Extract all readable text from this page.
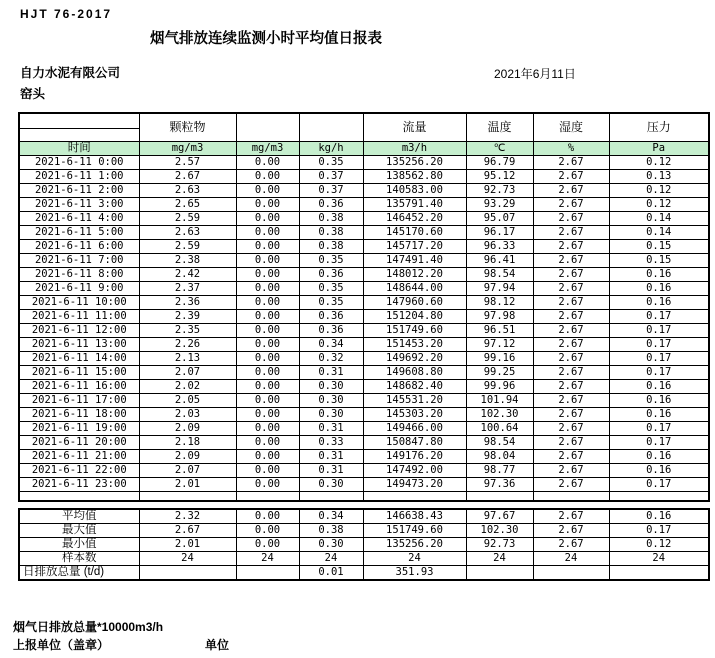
HJT 76-2017
烟气排放连续监测小时平均值日报表
自力水泥有限公司	2021年6月11日
窑头
	颗粒物			流量	温度	湿度	压力

时间	mg/m3	mg/m3	kg/h	m3/h	℃	%	Pa
2021-6-11 0:00	2.57	0.00	0.35	135256.20	96.79	2.67	0.12
2021-6-11 1:00	2.67	0.00	0.37	138562.80	95.12	2.67	0.13
2021-6-11 2:00	2.63	0.00	0.37	140583.00	92.73	2.67	0.12
2021-6-11 3:00	2.65	0.00	0.36	135791.40	93.29	2.67	0.12
2021-6-11 4:00	2.59	0.00	0.38	146452.20	95.07	2.67	0.14
2021-6-11 5:00	2.63	0.00	0.38	145170.60	96.17	2.67	0.14
2021-6-11 6:00	2.59	0.00	0.38	145717.20	96.33	2.67	0.15
2021-6-11 7:00	2.38	0.00	0.35	147491.40	96.41	2.67	0.15
2021-6-11 8:00	2.42	0.00	0.36	148012.20	98.54	2.67	0.16
2021-6-11 9:00	2.37	0.00	0.35	148644.00	97.94	2.67	0.16
2021-6-11 10:00	2.36	0.00	0.35	147960.60	98.12	2.67	0.16
2021-6-11 11:00	2.39	0.00	0.36	151204.80	97.98	2.67	0.17
2021-6-11 12:00	2.35	0.00	0.36	151749.60	96.51	2.67	0.17
2021-6-11 13:00	2.26	0.00	0.34	151453.20	97.12	2.67	0.17
2021-6-11 14:00	2.13	0.00	0.32	149692.20	99.16	2.67	0.17
2021-6-11 15:00	2.07	0.00	0.31	149608.80	99.25	2.67	0.17
2021-6-11 16:00	2.02	0.00	0.30	148682.40	99.96	2.67	0.16
2021-6-11 17:00	2.05	0.00	0.30	145531.20	101.94	2.67	0.16
2021-6-11 18:00	2.03	0.00	0.30	145303.20	102.30	2.67	0.16
2021-6-11 19:00	2.09	0.00	0.31	149466.00	100.64	2.67	0.17
2021-6-11 20:00	2.18	0.00	0.33	150847.80	98.54	2.67	0.17
2021-6-11 21:00	2.09	0.00	0.31	149176.20	98.04	2.67	0.16
2021-6-11 22:00	2.07	0.00	0.31	147492.00	98.77	2.67	0.16
2021-6-11 23:00	2.01	0.00	0.30	149473.20	97.36	2.67	0.17

平均值	2.32	0.00	0.34	146638.43	97.67	2.67	0.16
最大值	2.67	0.00	0.38	151749.60	102.30	2.67	0.17
最小值	2.01	0.00	0.30	135256.20	92.73	2.67	0.12
样本数	24	24	24	24	24	24	24
日排放总量 (t/d)			0.01	351.93			
烟气日排放总量*10000m3/h
上报单位（盖章）	单位
